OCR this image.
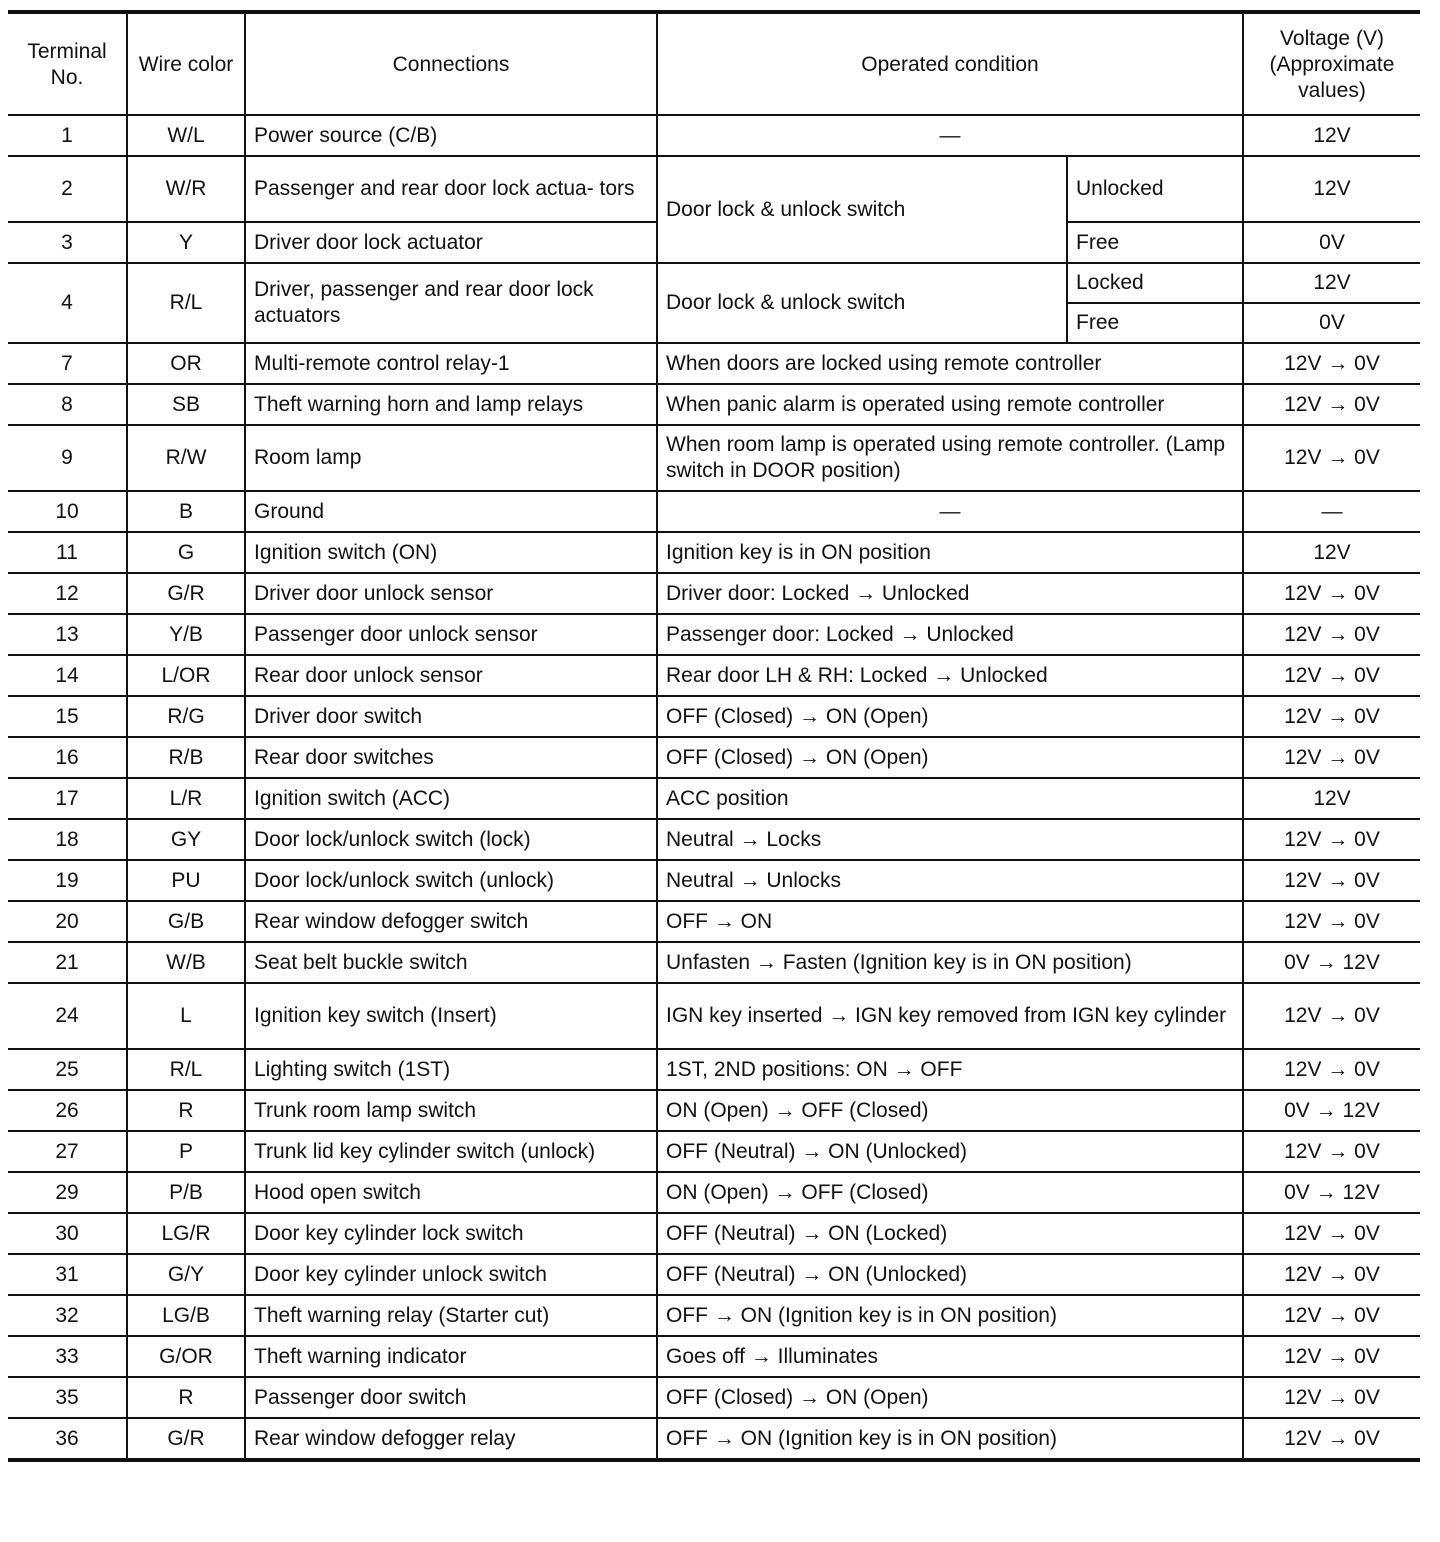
Terminal No.	Wire color	Connections	Operated condition		Voltage (V) (Approximate values)
1	W/L	Power source (C/B)	—		12V
2	W/R	Passenger and rear door lock actua- tors	Door lock & unlock switch	Unlocked	12V
3	Y	Driver door lock actuator		Free	0V
4	R/L	Driver, passenger and rear door lock actuators	Door lock & unlock switch	Locked	12V
				Free	0V
7	OR	Multi-remote control relay-1	When doors are locked using remote controller		12V → 0V
8	SB	Theft warning horn and lamp relays	When panic alarm is operated using remote controller		12V → 0V
9	R/W	Room lamp	When room lamp is operated using remote controller. (Lamp switch in DOOR position)		12V → 0V
10	B	Ground	—		—
11	G	Ignition switch (ON)	Ignition key is in ON position		12V
12	G/R	Driver door unlock sensor	Driver door: Locked → Unlocked		12V → 0V
13	Y/B	Passenger door unlock sensor	Passenger door: Locked → Unlocked		12V → 0V
14	L/OR	Rear door unlock sensor	Rear door LH & RH: Locked → Unlocked		12V → 0V
15	R/G	Driver door switch	OFF (Closed) → ON (Open)		12V → 0V
16	R/B	Rear door switches	OFF (Closed) → ON (Open)		12V → 0V
17	L/R	Ignition switch (ACC)	ACC position		12V
18	GY	Door lock/unlock switch (lock)	Neutral → Locks		12V → 0V
19	PU	Door lock/unlock switch (unlock)	Neutral → Unlocks		12V → 0V
20	G/B	Rear window defogger switch	OFF → ON		12V → 0V
21	W/B	Seat belt buckle switch	Unfasten → Fasten (Ignition key is in ON position)		0V → 12V
24	L	Ignition key switch (Insert)	IGN key inserted → IGN key removed from IGN key cylinder		12V → 0V
25	R/L	Lighting switch (1ST)	1ST, 2ND positions: ON → OFF		12V → 0V
26	R	Trunk room lamp switch	ON (Open) → OFF (Closed)		0V → 12V
27	P	Trunk lid key cylinder switch (unlock)	OFF (Neutral) → ON (Unlocked)		12V → 0V
29	P/B	Hood open switch	ON (Open) → OFF (Closed)		0V → 12V
30	LG/R	Door key cylinder lock switch	OFF (Neutral) → ON (Locked)		12V → 0V
31	G/Y	Door key cylinder unlock switch	OFF (Neutral) → ON (Unlocked)		12V → 0V
32	LG/B	Theft warning relay (Starter cut)	OFF → ON (Ignition key is in ON position)		12V → 0V
33	G/OR	Theft warning indicator	Goes off → Illuminates		12V → 0V
35	R	Passenger door switch	OFF (Closed) → ON (Open)		12V → 0V
36	G/R	Rear window defogger relay	OFF → ON (Ignition key is in ON position)		12V → 0V
